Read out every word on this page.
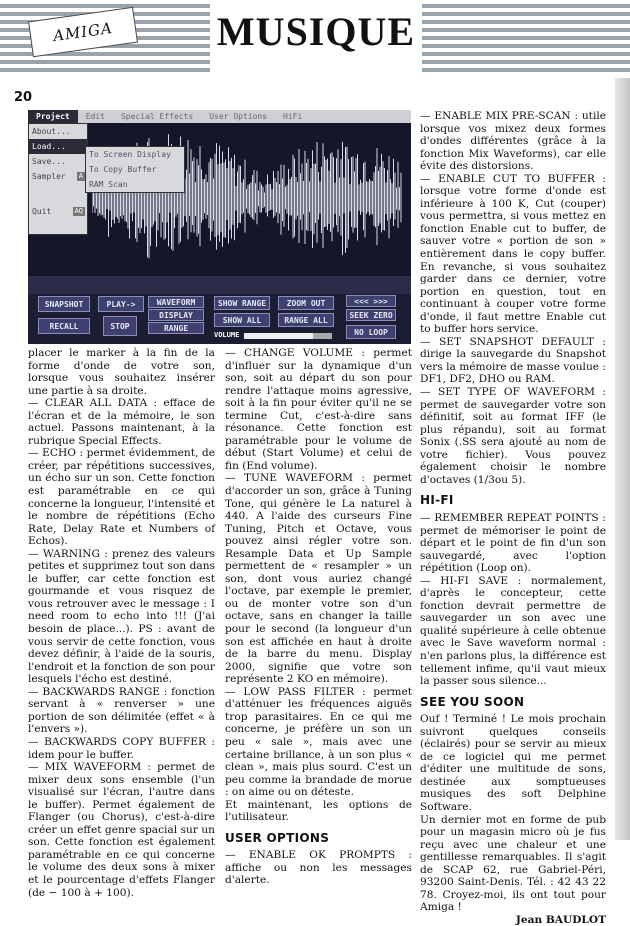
AMIGA	MUSIQUE
20
Project	Edit	Special Effects	User Options	HiFi
About...
Load...
Save...
Sampler A
Quit	AQ
To Screen Display
To Copy Buffer
RAM Scan
SNAPSHOT
RECALL
PLAY->
STOP
WAVEFORM
DISPLAY
RANGE
SHOW RANGE
SHOW ALL
ZOOM OUT
RANGE ALL
<<< >>>
SEEK ZERO
NO LOOP
VOLUME

placer le marker à la fin de la forme d'onde de votre son, lorsque vous souhaitez insérer une partie à sa droite.

— CLEAR ALL DATA : efface de l'écran et de la mémoire, le son actuel. Passons maintenant, à la rubrique Special Effects.

— ECHO : permet évidemment, de créer, par répétitions successives, un écho sur un son. Cette fonction est paramétrable en ce qui concerne la longueur, l'intensité et le nombre de répétitions (Echo Rate, Delay Rate et Numbers of Echos).

— WARNING : prenez des valeurs petites et supprimez tout son dans le buffer, car cette fonction est gourmande et vous risquez de vous retrouver avec le message : I need room to echo into !!! (J'ai besoin de place...). PS : avant de vous servir de cette fonction, vous devez définir, à l'aide de la souris, l'endroit et la fonction de son pour lesquels l'écho est destiné.

— BACKWARDS RANGE : fonction servant à « renverser » une portion de son délimitée (effet « à l'envers »).

— BACKWARDS COPY BUFFER : idem pour le buffer.

— MIX WAVEFORM : permet de mixer deux sons ensemble (l'un visualisé sur l'écran, l'autre dans le buffer). Permet également de Flanger (ou Chorus), c'est-à-dire créer un effet genre spacial sur un son. Cette fonction est également paramétrable en ce qui concerne le volume des deux sons à mixer et le pourcentage d'effets Flanger (de − 100 à + 100).

— CHANGE VOLUME : permet d'influer sur la dynamique d'un son, soit au départ du son pour rendre l'attaque moins agressive, soit à la fin pour éviter qu'il ne se termine Cut, c'est-à-dire sans résonance. Cette fonction est paramétrable pour le volume de début (Start Volume) et celui de fin (End volume).

— TUNE WAVEFORM : permet d'accorder un son, grâce à Tuning Tone, qui génère le La naturel à 440. A l'aide des curseurs Fine Tuning, Pitch et Octave, vous pouvez ainsi régler votre son. Resample Data et Up Sample permettent de « resampler » un son, dont vous auriez changé l'octave, par exemple le premier, ou de monter votre son d'un octave, sans en changer la taille pour le second (la longueur d'un son est affichée en haut à droite de la barre du menu. Display 2000, signifie que votre son représente 2 KO en mémoire).

— LOW PASS FILTER : permet d'atténuer les fréquences aiguës trop parasitaires. En ce qui me concerne, je préfère un son un peu « sale », mais avec une certaine brillance, à un son plus « clean », mais plus sourd. C'est un peu comme la brandade de morue : on aime ou on déteste.

Et maintenant, les options de l'utilisateur.

USER OPTIONS

— ENABLE OK PROMPTS : affiche ou non les messages d'alerte.

— ENABLE MIX PRE-SCAN : utile lorsque vos mixez deux formes d'ondes différentes (grâce à la fonction Mix Waveforms), car elle évite des distorsions.

— ENABLE CUT TO BUFFER : lorsque votre forme d'onde est inférieure à 100 K, Cut (couper) vous permettra, si vous mettez en fonction Enable cut to buffer, de sauver votre « portion de son » entièrement dans le copy buffer. En revanche, si vous souhaitez garder dans ce dernier, votre portion en question, tout en continuant à couper votre forme d'onde, il faut mettre Enable cut to buffer hors service.

— SET SNAPSHOT DEFAULT : dirige la sauvegarde du Snapshot vers la mémoire de masse voulue : DF1, DF2, DHO ou RAM.

— SET TYPE OF WAVEFORM : permet de sauvegarder votre son définitif, soit au format IFF (le plus répandu), soit au format Sonix (.SS sera ajouté au nom de votre fichier). Vous pouvez également choisir le nombre d'octaves (1/3ou 5).

HI-FI

— REMEMBER REPEAT POINTS : permet de mémoriser le point de départ et le point de fin d'un son sauvegardé, avec l'option répétition (Loop on).

— HI-FI SAVE : normalement, d'après le concepteur, cette fonction devrait permettre de sauvegarder un son avec une qualité supérieure à celle obtenue avec le Save waveform normal : n'en parlons plus, la différence est tellement infime, qu'il vaut mieux la passer sous silence...

SEE YOU SOON

Ouf ! Terminé ! Le mois prochain suivront quelques conseils (éclairés) pour se servir au mieux de ce logiciel qui me permet d'éditer une multitude de sons, destinée aux somptueuses musiques des soft Delphine Software.

Un dernier mot en forme de pub pour un magasin micro où je fus reçu avec une chaleur et une gentillesse remarquables. Il s'agit de SCAP 62, rue Gabriel-Péri, 93200 Saint-Denis. Tél. : 42 43 22 78. Croyez-moi, ils ont tout pour Amiga !

Jean BAUDLOT
